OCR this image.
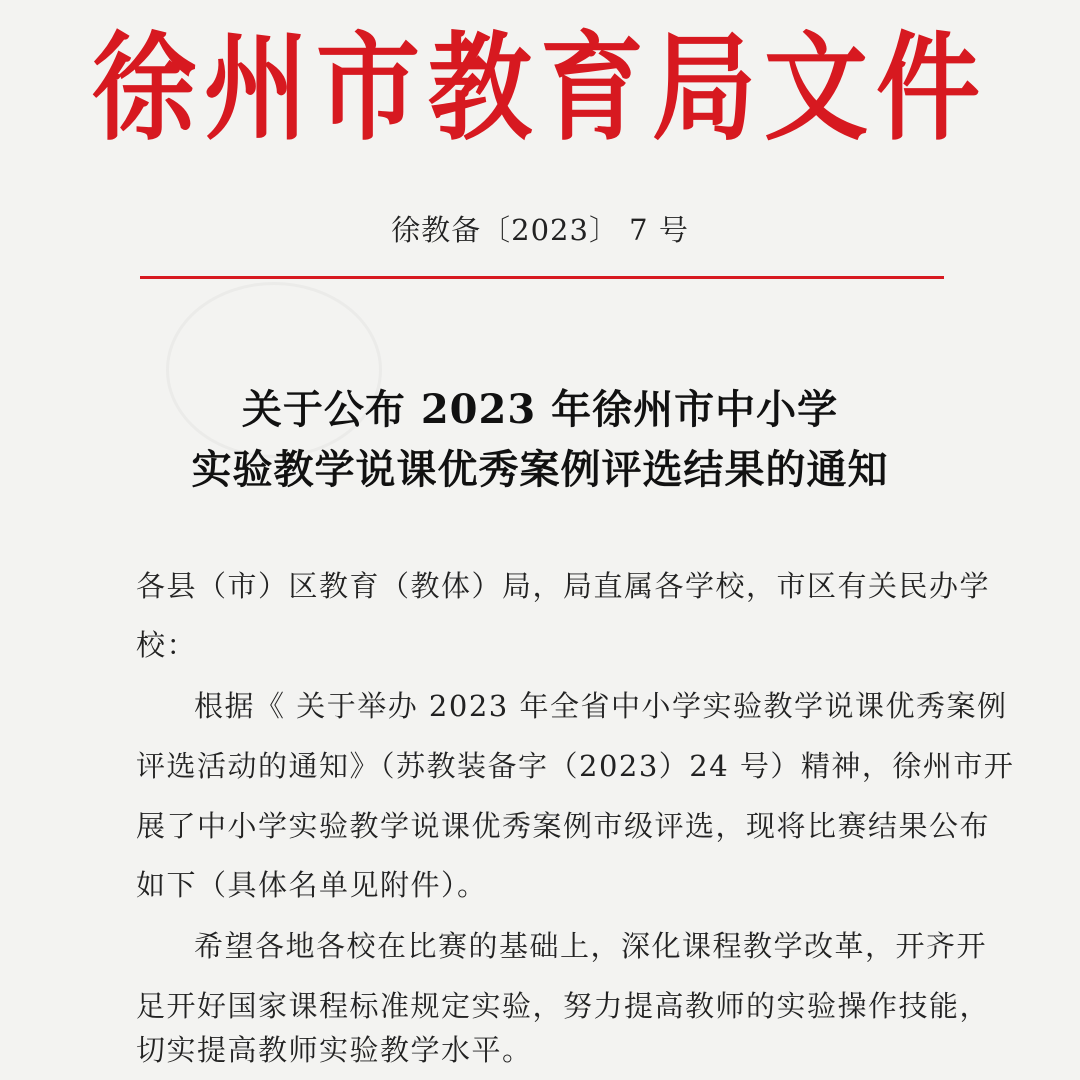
徐州市教育局文件
徐教备〔2023〕 7 号
关于公布 2023 年徐州市中小学
实验教学说课优秀案例评选结果的通知
各县（市）区教育（教体）局，局直属各学校，市区有关民办学
校：
根据《 关于举办 2023 年全省中小学实验教学说课优秀案例
评选活动的通知》（苏教装备字（2023）24 号）精神，徐州市开
展了中小学实验教学说课优秀案例市级评选，现将比赛结果公布
如下（具体名单见附件）。
希望各地各校在比赛的基础上，深化课程教学改革，开齐开
足开好国家课程标准规定实验，努力提高教师的实验操作技能，
切实提高教师实验教学水平。
